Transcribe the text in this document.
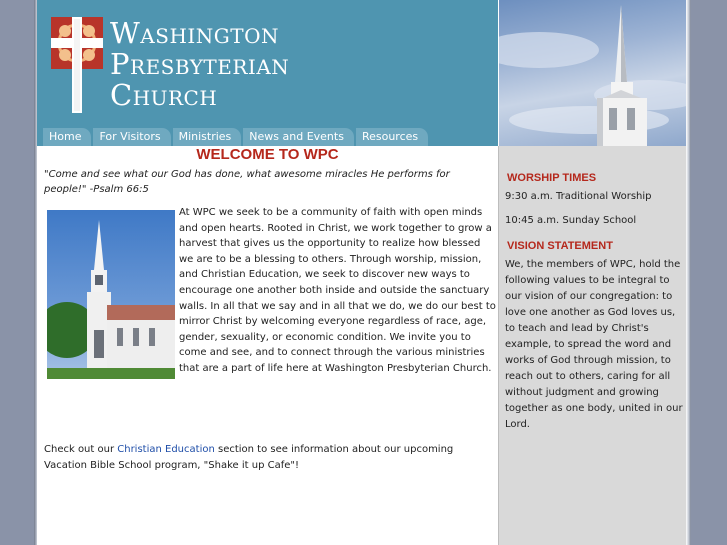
Washington
Presbyterian
Church
Home	For Visitors	Ministries	News and Events	Resources
WORSHIP TIMES
9:30 a.m. Traditional Worship
10:45 a.m. Sunday School
VISION STATEMENT
We, the members of WPC, hold the following values to be integral to our vision of our congregation: to love one another as God loves us, to teach and lead by Christ's example, to spread the word and works of God through mission, to reach out to others, caring for all without judgment and growing together as one body, united in our Lord.
WELCOME TO WPC
"Come and see what our God has done, what awesome miracles He performs for people!" -Psalm 66:5
At WPC we seek to be a community of faith with open minds and open hearts. Rooted in Christ, we work together to grow a harvest that gives us the opportunity to realize how blessed we are to be a blessing to others. Through worship, mission, and Christian Education, we seek to discover new ways to encourage one another both inside and outside the sanctuary walls. In all that we say and in all that we do, we do our best to mirror Christ by welcoming everyone regardless of race, age, gender, sexuality, or economic condition. We invite you to come and see, and to connect through the various ministries that are a part of life here at Washington Presbyterian Church.
Check out our Christian Education section to see information about our upcoming Vacation Bible School program, "Shake it up Cafe"!
